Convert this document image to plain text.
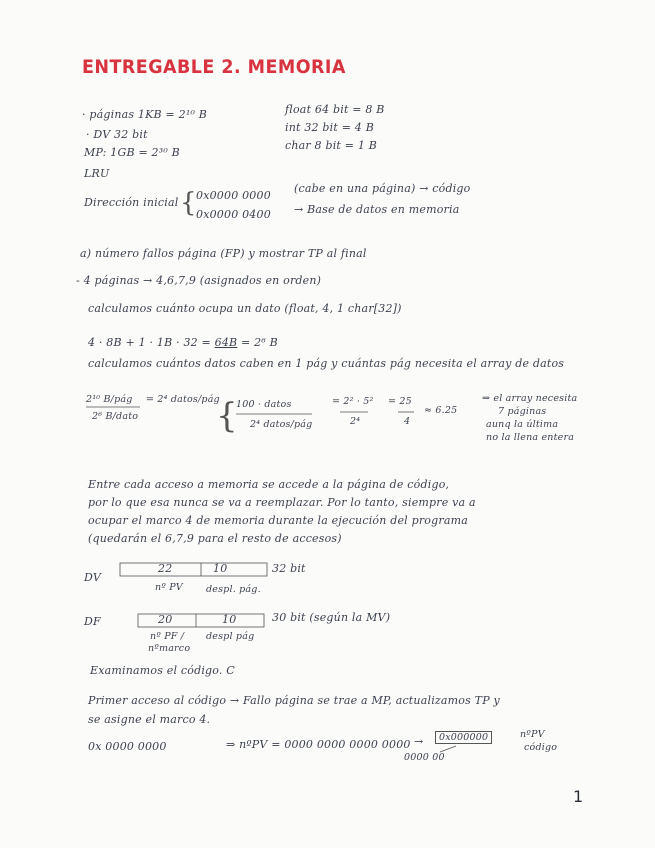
ENTREGABLE 2. MEMORIA
· páginas 1KB = 2¹⁰ B
· DV 32 bit
MP: 1GB = 2³⁰ B
LRU
float 64 bit = 8 B
int 32 bit = 4 B
char 8 bit = 1 B
Dirección inicial { 0x0000 0000
(cabe en una página) → código
0x0000 0400 → Base de datos en memoria
a) número fallos página (FP) y mostrar TP al final
- 4 páginas → 4,6,7,9 (asignados en orden)
calculamos cuánto ocupa un dato (float, 4, 1 char[32])
4 · 8B + 1 · 1B · 32 = 64B = 2⁶ B
calculamos cuántos datos caben en 1 pág y cuántas pág necesita el array de datos
2¹⁰ B/pág = 2⁴ datos/pág
2⁶ B/dato {
100 · datos
2⁴ datos/pág
= 2² · 5²
2⁴
= 25
4
≈ 6.25
⇒ el array necesita
7 páginas
aunq la última
no la llena entera
Entre cada acceso a memoria se accede a la página de código,
por lo que esa nunca se va a reemplazar. Por lo tanto, siempre va a
ocupar el marco 4 de memoria durante la ejecución del programa
(quedarán el 6,7,9 para el resto de accesos)
DV
22	10	32 bit
nº PV despl. pág.
DF	20	10	30 bit (según la MV)
nº PF /
nºmarco
despl pág
Examinamos el código. C
Primer acceso al código → Fallo página se trae a MP, actualizamos TP y
se asigne el marco 4.
0x 0000 0000	⇒ nºPV = 0000 0000 0000 0000 →	0x000000	nºPV
código
0000 00
1
